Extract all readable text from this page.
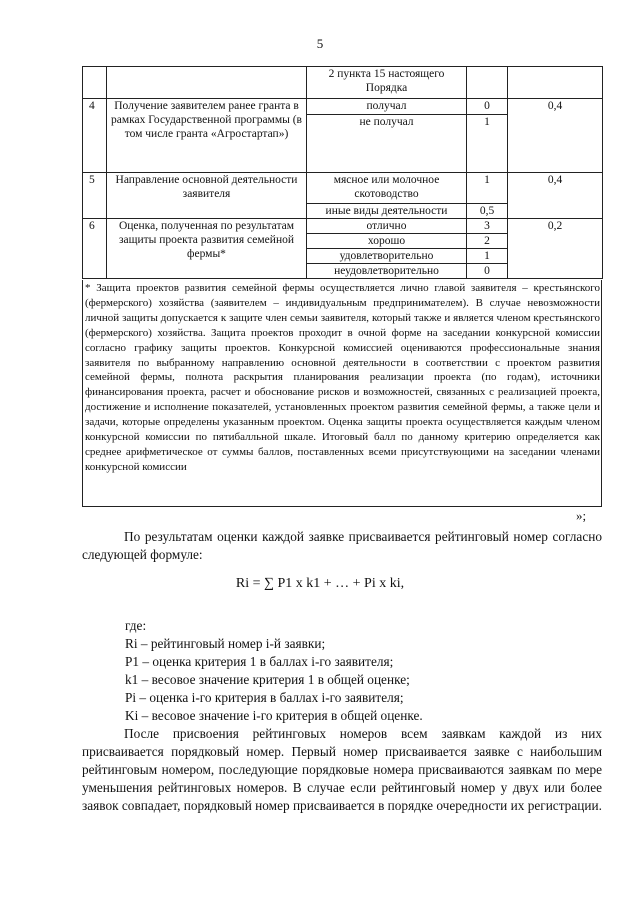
5
		2 пункта 15 настоящего Порядка		
4	Получение заявителем ранее гранта в рамках Государственной программы (в том числе гранта «Агростартап»)	получал	0	0,4
		не получал	1	
5	Направление основной деятельности заявителя	мясное или молочное скотоводство	1	0,4
		иные виды деятельности	0,5	
6	Оценка, полученная по результатам защиты проекта развития семейной фермы*	отлично	3	0,2
		хорошо	2	
		удовлетворительно	1	
		неудовлетворительно	0	
* Защита проектов развития семейной фермы осуществляется лично главой заявителя – крестьянского (фермерского) хозяйства (заявителем – индивидуальным предпринимателем). В случае невозможности личной защиты допускается к защите член семьи заявителя, который также и является членом крестьянского (фермерского) хозяйства. Защита проектов проходит в очной форме на заседании конкурсной комиссии согласно графику защиты проектов. Конкурсной комиссией оцениваются профессиональные знания заявителя по выбранному направлению основной деятельности в соответствии с проектом развития семейной фермы, полнота раскрытия планирования реализации проекта (по годам), источники финансирования проекта, расчет и обоснование рисков и возможностей, связанных с реализацией проекта, достижение и исполнение показателей, установленных проектом развития семейной фермы, а также цели и задачи, которые определены указанным проектом. Оценка защиты проекта осуществляется каждым членом конкурсной комиссии по пятибалльной шкале. Итоговый балл по данному критерию определяется как среднее арифметическое от суммы баллов, поставленных всеми присутствующими на заседании членами конкурсной комиссии
»;
По результатам оценки каждой заявке присваивается рейтинговый номер согласно следующей формуле:
Ri = ∑ P1 x k1 + … + Pi x ki,
где:
Ri – рейтинговый номер i-й заявки;
P1 – оценка критерия 1 в баллах i-го заявителя;
k1 – весовое значение критерия 1 в общей оценке;
Pi – оценка i-го критерия в баллах i-го заявителя;
Ki – весовое значение i-го критерия в общей оценке.
После присвоения рейтинговых номеров всем заявкам каждой из них присваивается порядковый номер. Первый номер присваивается заявке с наибольшим рейтинговым номером, последующие порядковые номера присваиваются заявкам по мере уменьшения рейтинговых номеров. В случае если рейтинговый номер у двух или более заявок совпадает, порядковый номер присваивается в порядке очередности их регистрации.
